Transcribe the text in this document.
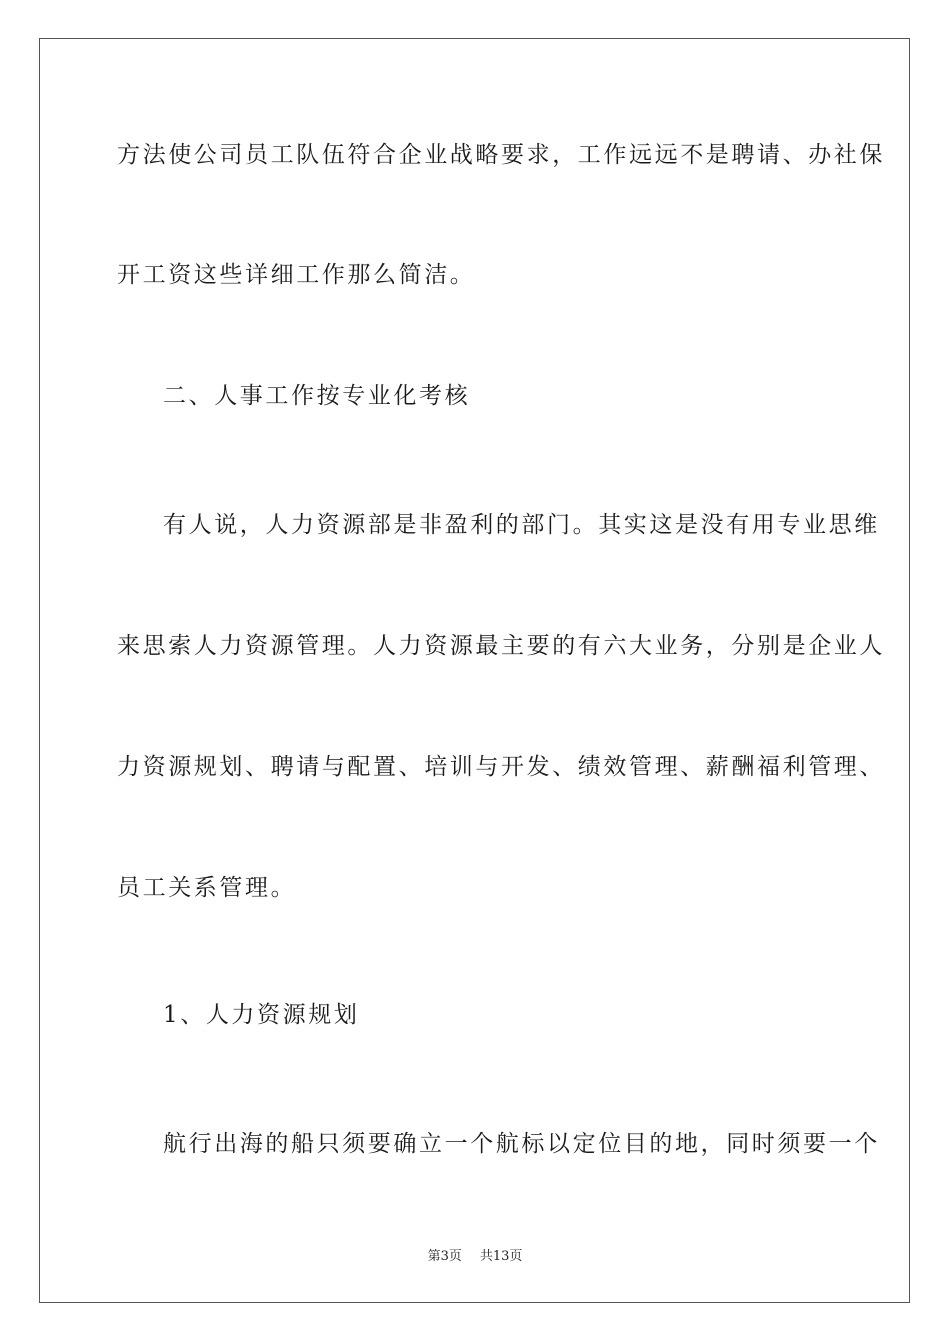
方法使公司员工队伍符合企业战略要求，工作远远不是聘请、办社保
开工资这些详细工作那么简洁。
二、人事工作按专业化考核
有人说，人力资源部是非盈利的部门。其实这是没有用专业思维
来思索人力资源管理。人力资源最主要的有六大业务，分别是企业人
力资源规划、聘请与配置、培训与开发、绩效管理、薪酬福利管理、
员工关系管理。
1、人力资源规划
航行出海的船只须要确立一个航标以定位目的地，同时须要一个
第3页 共13页
